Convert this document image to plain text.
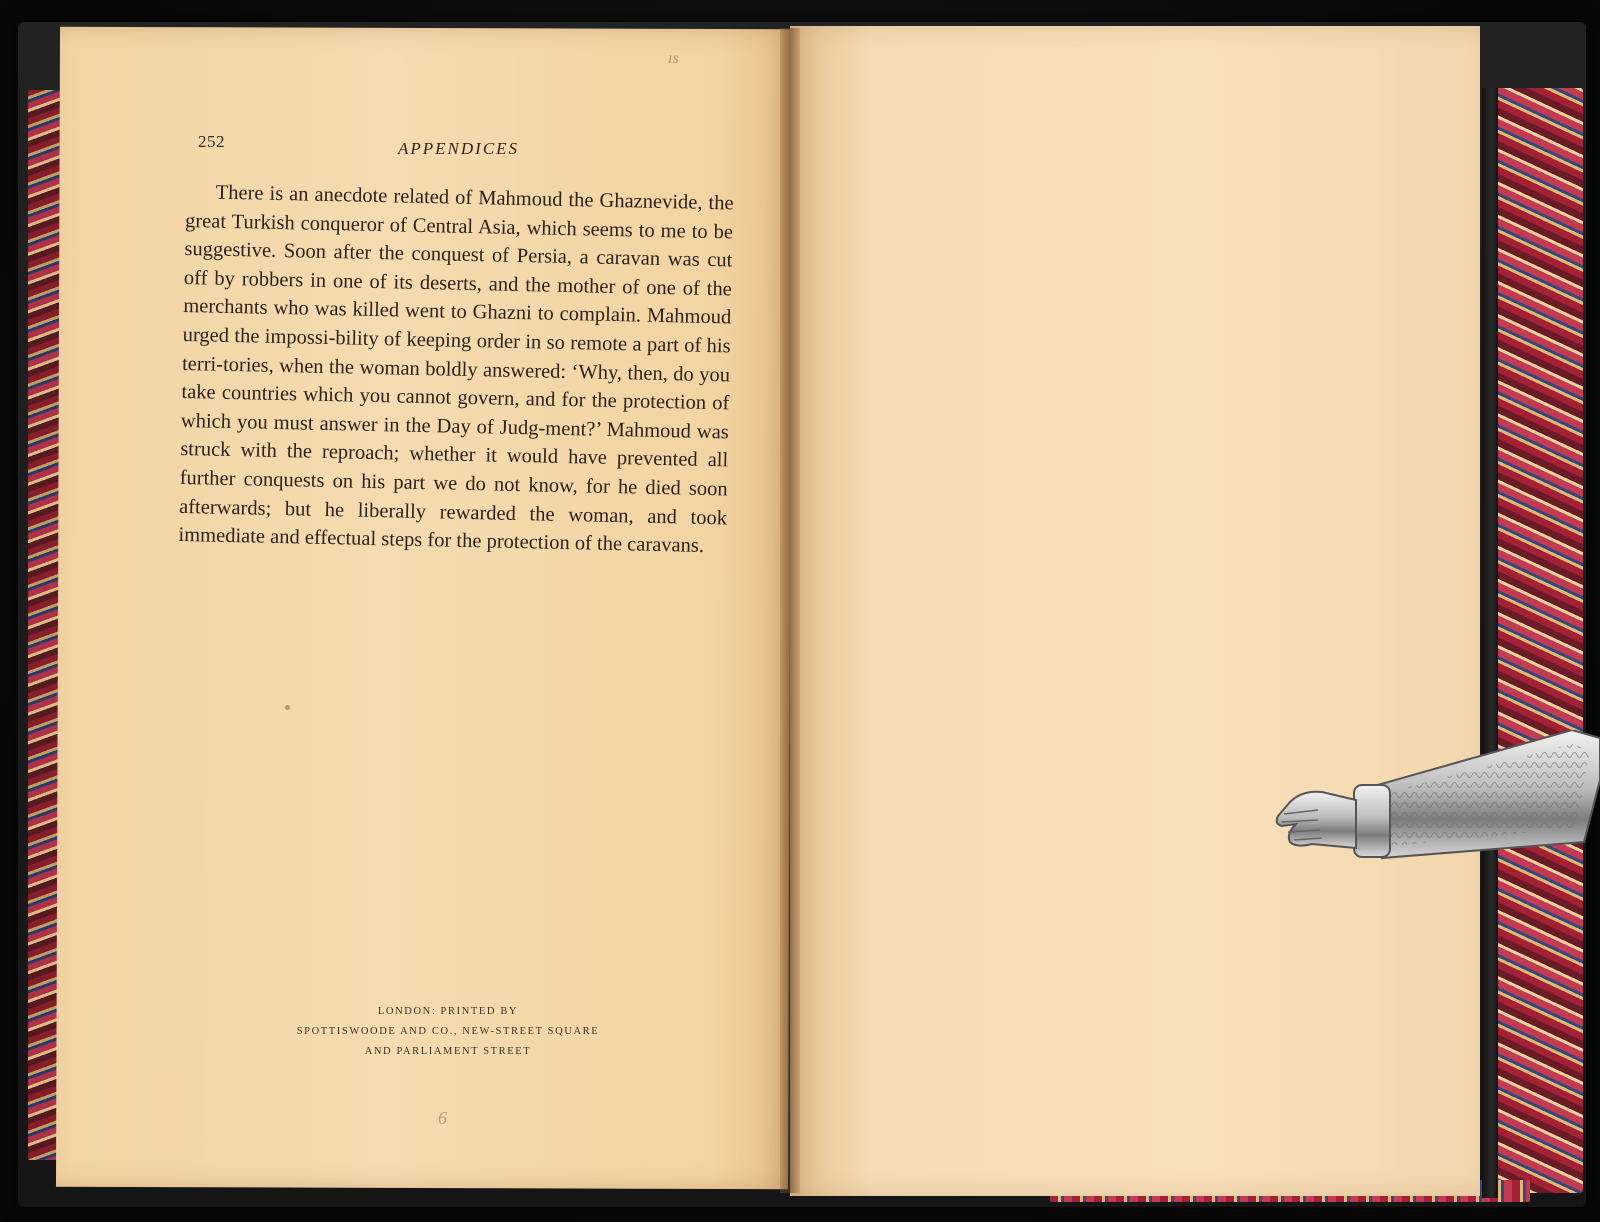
252	APPENDICES
There is an anecdote related of Mahmoud the Ghaznevide, the great Turkish conqueror of Central Asia, which seems to me to be suggestive. Soon after the conquest of Persia, a caravan was cut off by robbers in one of its deserts, and the mother of one of the merchants who was killed went to Ghazni to complain. Mahmoud urged the impossi-bility of keeping order in so remote a part of his terri-tories, when the woman boldly answered: ‘Why, then, do you take countries which you cannot govern, and for the protection of which you must answer in the Day of Judg-ment?’ Mahmoud was struck with the reproach; whether it would have prevented all further conquests on his part we do not know, for he died soon afterwards; but he liberally rewarded the woman, and took immediate and effectual steps for the protection of the caravans.
LONDON: PRINTED BY
SPOTTISWOODE AND CO., NEW-STREET SQUARE
AND PARLIAMENT STREET
ıs
6
